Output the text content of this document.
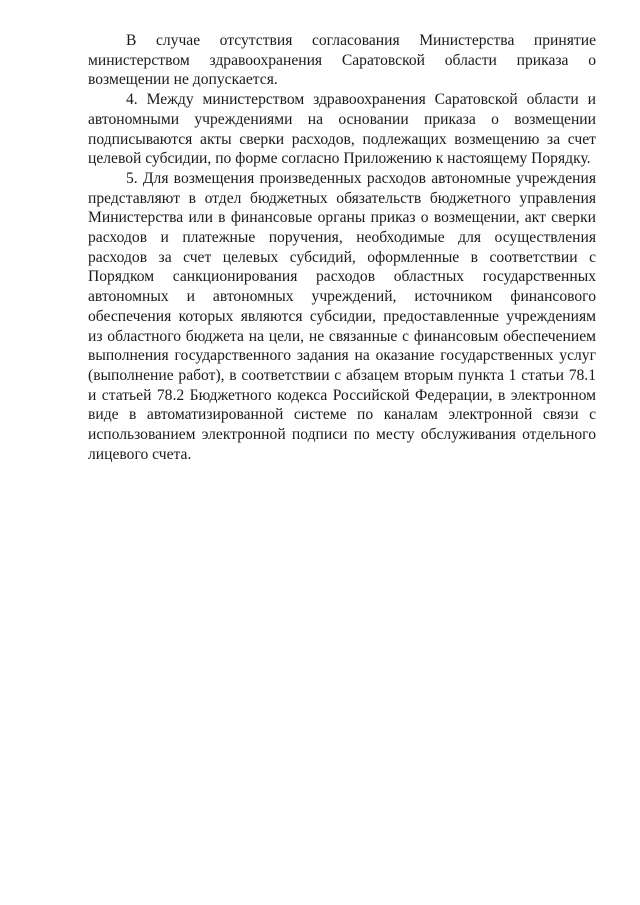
В случае отсутствия согласования Министерства принятие министерством здравоохранения Саратовской области приказа о возмещении не допускается.

4. Между министерством здравоохранения Саратовской области и автономными учреждениями на основании приказа о возмещении подписываются акты сверки расходов, подлежащих возмещению за счет целевой субсидии, по форме согласно Приложению к настоящему Порядку.

5. Для возмещения произведенных расходов автономные учреждения представляют в отдел бюджетных обязательств бюджетного управления Министерства или в финансовые органы приказ о возмещении, акт сверки расходов и платежные поручения, необходимые для осуществления расходов за счет целевых субсидий, оформленные в соответствии с Порядком санкционирования расходов областных государственных автономных и автономных учреждений, источником финансового обеспечения которых являются субсидии, предоставленные учреждениям из областного бюджета на цели, не связанные с финансовым обеспечением выполнения государственного задания на оказание государственных услуг (выполнение работ), в соответствии с абзацем вторым пункта 1 статьи 78.1 и статьей 78.2 Бюджетного кодекса Российской Федерации, в электронном виде в автоматизированной системе по каналам электронной связи с использованием электронной подписи по месту обслуживания отдельного лицевого счета.
